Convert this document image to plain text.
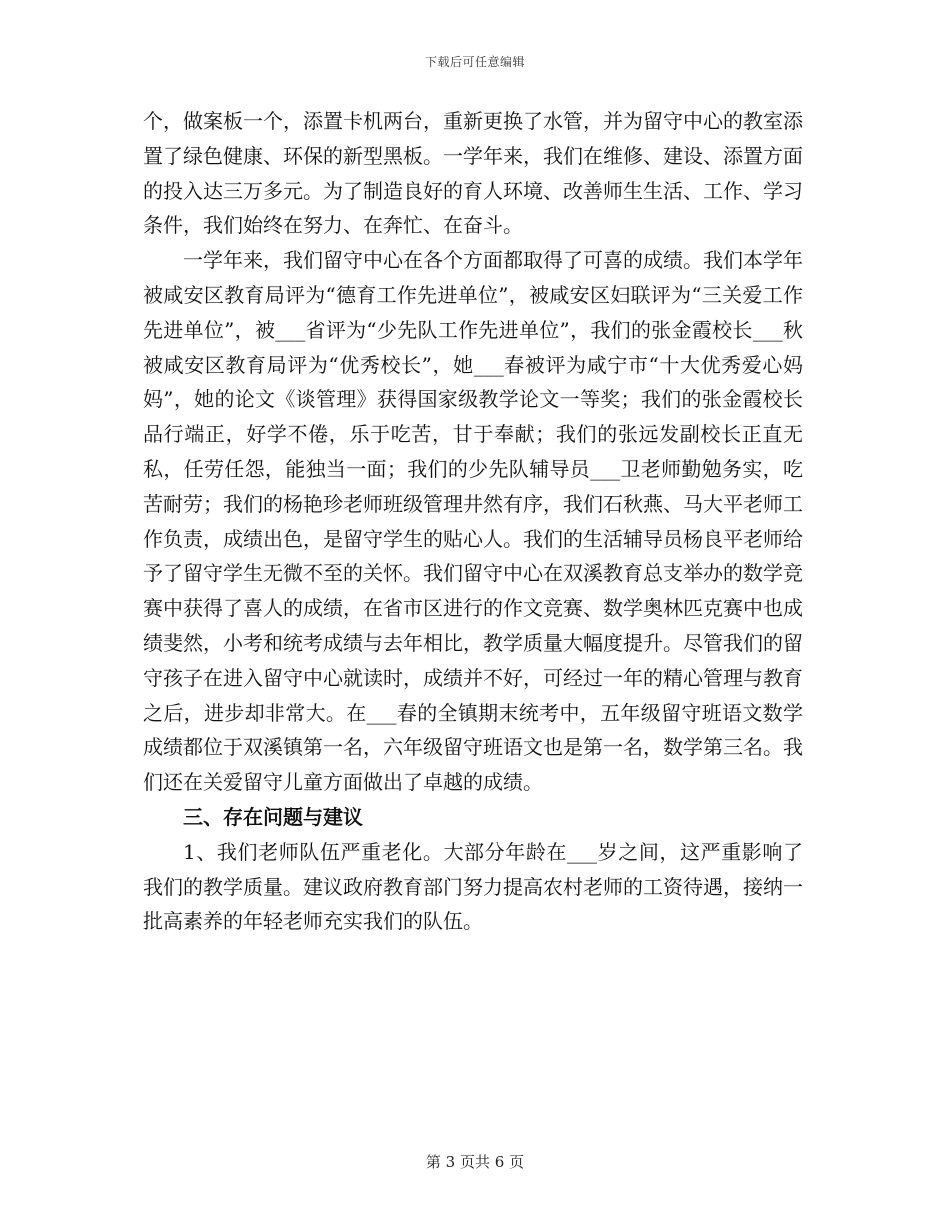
下载后可任意编辑

个，做案板一个，添置卡机两台，重新更换了水管，并为留守中心的教室添置了绿色健康、环保的新型黑板。一学年来，我们在维修、建设、添置方面的投入达三万多元。为了制造良好的育人环境、改善师生生活、工作、学习条件，我们始终在努力、在奔忙、在奋斗。

一学年来，我们留守中心在各个方面都取得了可喜的成绩。我们本学年被咸安区教育局评为“德育工作先进单位”，被咸安区妇联评为“三关爱工作先进单位”，被___省评为“少先队工作先进单位”，我们的张金霞校长___秋被咸安区教育局评为“优秀校长”，她___春被评为咸宁市“十大优秀爱心妈妈”，她的论文《谈管理》获得国家级教学论文一等奖；我们的张金霞校长品行端正，好学不倦，乐于吃苦，甘于奉献；我们的张远发副校长正直无私，任劳任怨，能独当一面；我们的少先队辅导员___卫老师勤勉务实，吃苦耐劳；我们的杨艳珍老师班级管理井然有序，我们石秋燕、马大平老师工作负责，成绩出色，是留守学生的贴心人。我们的生活辅导员杨良平老师给予了留守学生无微不至的关怀。我们留守中心在双溪教育总支举办的数学竞赛中获得了喜人的成绩，在省市区进行的作文竞赛、数学奥林匹克赛中也成绩斐然，小考和统考成绩与去年相比，教学质量大幅度提升。尽管我们的留守孩子在进入留守中心就读时，成绩并不好，可经过一年的精心管理与教育之后，进步却非常大。在___春的全镇期末统考中，五年级留守班语文数学成绩都位于双溪镇第一名，六年级留守班语文也是第一名，数学第三名。我们还在关爱留守儿童方面做出了卓越的成绩。

三、存在问题与建议

1、我们老师队伍严重老化。大部分年龄在___岁之间，这严重影响了我们的教学质量。建议政府教育部门努力提高农村老师的工资待遇，接纳一批高素养的年轻老师充实我们的队伍。

第 3 页共 6 页
